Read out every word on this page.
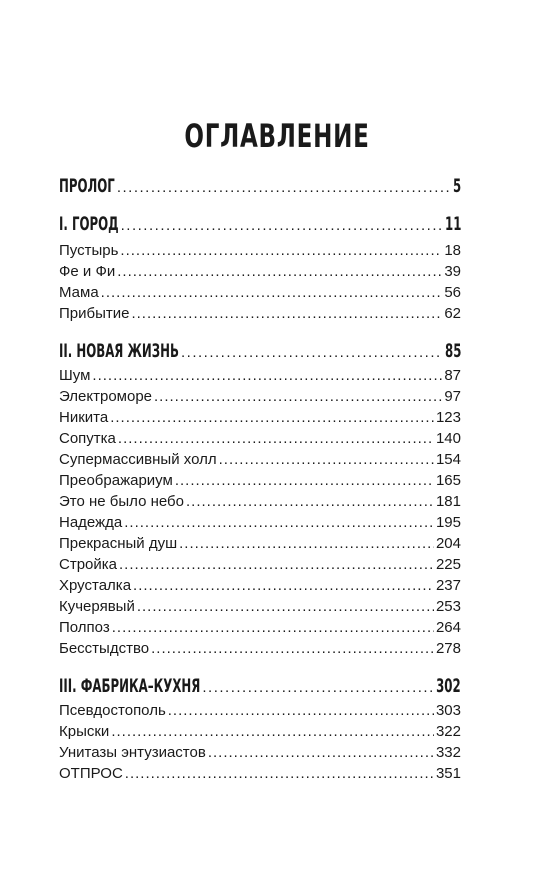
ОГЛАВЛЕНИЕ
ПРОЛОГ .....	5
I. ГОРОД .....	11
Пустырь .....	18
Фе и Фи .....	39
Мама .....	56
Прибытие .....	62
II. НОВАЯ ЖИЗНЬ .....	85
Шум .....	87
Электроморе .....	97
Никита .....	123
Сопутка .....	140
Супермассивный холл .....	154
Преображариум .....	165
Это не было небо .....	181
Надежда .....	195
Прекрасный душ .....	204
Стройка .....	225
Хрусталка .....	237
Кучерявый .....	253
Полпоз .....	264
Бесстыдство .....	278
III. ФАБРИКА–КУХНЯ .....	302
Псевдостополь .....	303
Крыски .....	322
Унитазы энтузиастов .....	332
ОТПРОС .....	351
